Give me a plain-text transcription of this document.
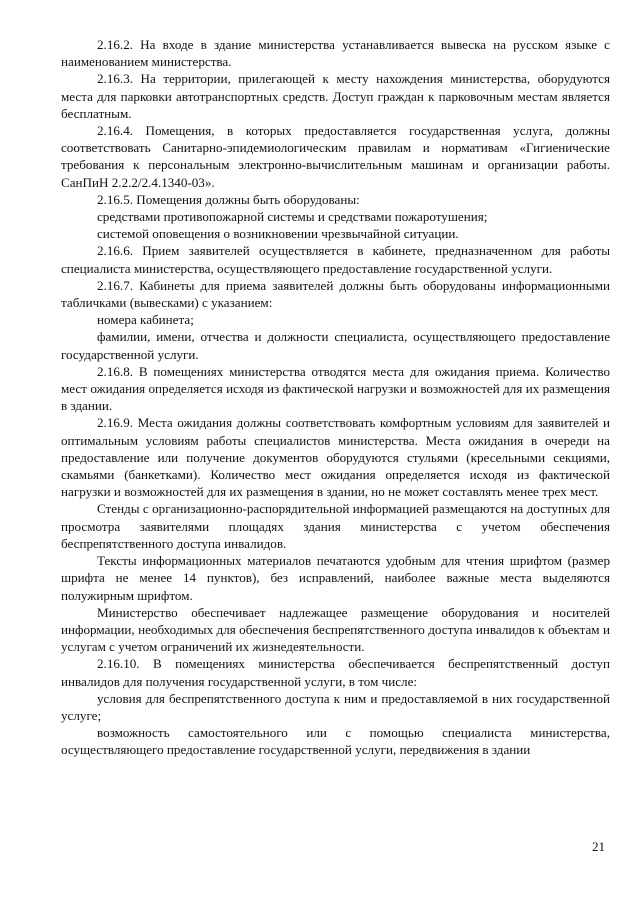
2.16.2. На входе в здание министерства устанавливается вывеска на русском языке с наименованием министерства.

2.16.3. На территории, прилегающей к месту нахождения министерства, оборудуются места для парковки автотранспортных средств. Доступ граждан к парковочным местам является бесплатным.

2.16.4. Помещения, в которых предоставляется государственная услуга, должны соответствовать Санитарно-эпидемиологическим правилам и нормативам «Гигиенические требования к персональным электронно-вычислительным машинам и организации работы. СанПиН 2.2.2/2.4.1340-03».

2.16.5. Помещения должны быть оборудованы:

средствами противопожарной системы и средствами пожаротушения;

системой оповещения о возникновении чрезвычайной ситуации.

2.16.6. Прием заявителей осуществляется в кабинете, предназначенном для работы специалиста министерства, осуществляющего предоставление государственной услуги.

2.16.7. Кабинеты для приема заявителей должны быть оборудованы информационными табличками (вывесками) с указанием:

номера кабинета;

фамилии, имени, отчества и должности специалиста, осуществляющего предоставление государственной услуги.

2.16.8. В помещениях министерства отводятся места для ожидания приема. Количество мест ожидания определяется исходя из фактической нагрузки и возможностей для их размещения в здании.

2.16.9. Места ожидания должны соответствовать комфортным условиям для заявителей и оптимальным условиям работы специалистов министерства. Места ожидания в очереди на предоставление или получение документов оборудуются стульями (кресельными секциями, скамьями (банкетками). Количество мест ожидания определяется исходя из фактической нагрузки и возможностей для их размещения в здании, но не может составлять менее трех мест.

Стенды с организационно-распорядительной информацией размещаются на доступных для просмотра заявителями площадях здания министерства с учетом обеспечения беспрепятственного доступа инвалидов.

Тексты информационных материалов печатаются удобным для чтения шрифтом (размер шрифта не менее 14 пунктов), без исправлений, наиболее важные места выделяются полужирным шрифтом.

Министерство обеспечивает надлежащее размещение оборудования и носителей информации, необходимых для обеспечения беспрепятственного доступа инвалидов к объектам и услугам с учетом ограничений их жизнедеятельности.

2.16.10. В помещениях министерства обеспечивается беспрепятственный доступ инвалидов для получения государственной услуги, в том числе:

условия для беспрепятственного доступа к ним и предоставляемой в них государственной услуге;

возможность самостоятельного или с помощью специалиста министерства, осуществляющего предоставление государственной услуги, передвижения в здании

21
